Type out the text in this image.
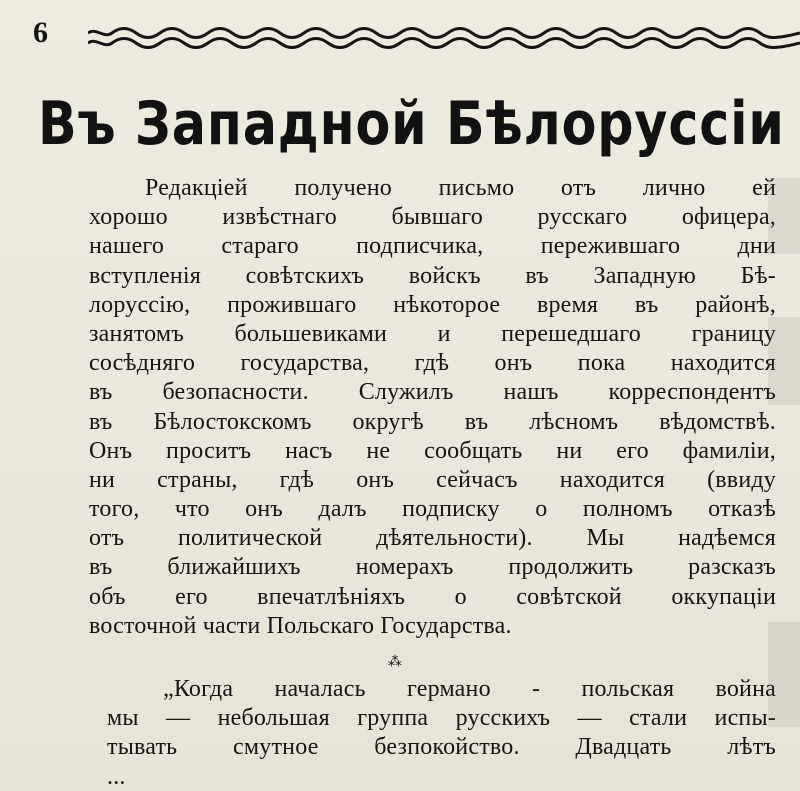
6
Въ Западной Бѣлоруссіи
Редакціей получено письмо отъ лично ей
хорошо извѣстнаго бывшаго русскаго офицера,
нашего стараго подписчика, пережившаго дни
вступленія совѣтскихъ войскъ въ Западную Бѣ-
лоруссію, прожившаго нѣкоторое время въ районѣ,
занятомъ большевиками и перешедшаго границу
сосѣдняго государства, гдѣ онъ пока находится
въ безопасности. Служилъ нашъ корреспондентъ
въ Бѣлостокскомъ округѣ въ лѣсномъ вѣдомствѣ.
Онъ проситъ насъ не сообщать ни его фамиліи,
ни страны, гдѣ онъ сейчасъ находится (ввиду
того, что онъ далъ подписку о полномъ отказѣ
отъ политической дѣятельности). Мы надѣемся
въ ближайшихъ номерахъ продолжить разсказъ
объ его впечатлѣніяхъ о совѣтской оккупаціи
восточной части Польскаго Государства.
„Когда началась германо - польская война
мы — небольшая группа русскихъ — стали испы-
тывать смутное безпокойство. Двадцать лѣтъ
...
⁂
